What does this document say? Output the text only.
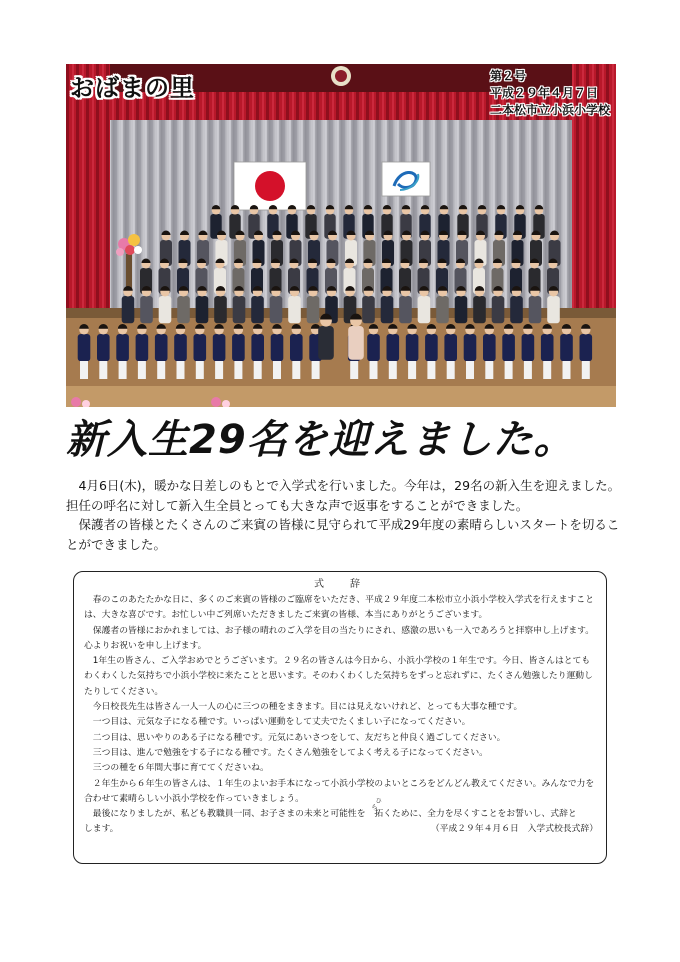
おばまの里	第２号
平成２９年４月７日
二本松市立小浜小学校
新入生29名を迎えました。

4月6日(木)，暖かな日差しのもとで入学式を行いました。今年は，29名の新入生を迎えました。担任の呼名に対して新入生全員とっても大きな声で返事をすることができました。

保護者の皆様とたくさんのご来賓の皆様に見守られて平成29年度の素晴らしいスタートを切ることができました。

式　辞

春のこのあたたかな日に、多くのご来賓の皆様のご臨席をいただき、平成２９年度二本松市立小浜小学校入学式を行えますことは、大きな喜びです。お忙しい中ご列席いただきましたご来賓の皆様、本当にありがとうございます。

保護者の皆様におかれましては、お子様の晴れのご入学を目の当たりにされ、感激の思いも一入であろうと拝察申し上げます。心よりお祝いを申し上げます。

1年生の皆さん、ご入学おめでとうございます。２９名の皆さんは今日から、小浜小学校の１年生です。今日、皆さんはとてもわくわくした気持ちで小浜小学校に来たことと思います。そのわくわくした気持ちをずっと忘れずに、たくさん勉強したり運動したりしてください。

今日校長先生は皆さん一人一人の心に三つの種をまきます。目には見えないけれど、とっても大事な種です。

一つ目は、元気な子になる種です。いっぱい運動をして丈夫でたくましい子になってください。

二つ目は、思いやりのある子になる種です。元気にあいさつをして、友だちと仲良く過ごしてください。

三つ目は、進んで勉強をする子になる種です。たくさん勉強をしてよく考える子になってください。

三つの種を６年間大事に育ててくださいね。

２年生から６年生の皆さんは、１年生のよいお手本になって小浜小学校のよいところをどんどん教えてください。みんなで力を合わせて素晴らしい小浜小学校を作っていきましょう。

最後になりましたが、私ども教職員一同、お子さまの未来と可能性を
ひら
拓くために、全力を尽くすことをお誓いし、式辞と

します。	（平成２９年４月６日　入学式校長式辞）
